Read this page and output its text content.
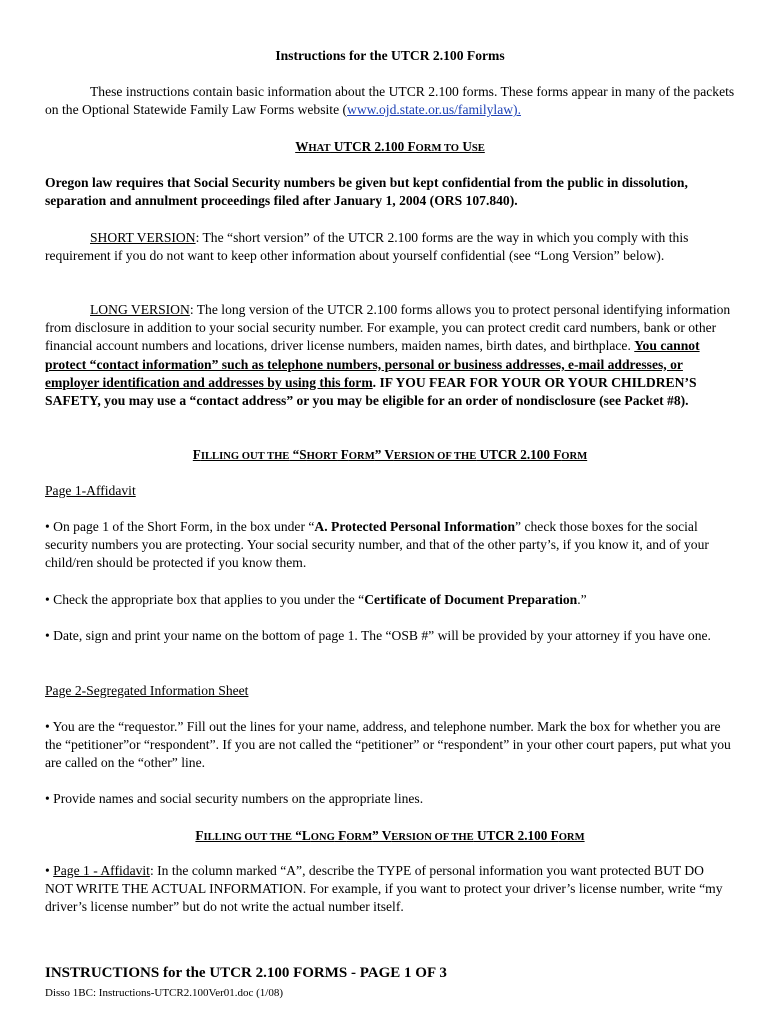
Instructions for the UTCR 2.100 Forms
These instructions contain basic information about the UTCR 2.100 forms. These forms appear in many of the packets on the Optional Statewide Family Law Forms website (www.ojd.state.or.us/familylaw).
WHAT UTCR 2.100 FORM TO USE
Oregon law requires that Social Security numbers be given but kept confidential from the public in dissolution, separation and annulment proceedings filed after January 1, 2004 (ORS 107.840).
SHORT VERSION: The “short version” of the UTCR 2.100 forms are the way in which you comply with this requirement if you do not want to keep other information about yourself confidential (see “Long Version” below).
LONG VERSION: The long version of the UTCR 2.100 forms allows you to protect personal identifying information from disclosure in addition to your social security number. For example, you can protect credit card numbers, bank or other financial account numbers and locations, driver license numbers, maiden names, birth dates, and birthplace. You cannot protect “contact information” such as telephone numbers, personal or business addresses, e-mail addresses, or employer identification and addresses by using this form. IF YOU FEAR FOR YOUR OR YOUR CHILDREN’S SAFETY, you may use a “contact address” or you may be eligible for an order of nondisclosure (see Packet #8).
FILLING OUT THE “SHORT FORM” VERSION OF THE UTCR 2.100 FORM
Page 1-Affidavit
• On page 1 of the Short Form, in the box under “A. Protected Personal Information” check those boxes for the social security numbers you are protecting. Your social security number, and that of the other party’s, if you know it, and of your child/ren should be protected if you know them.
• Check the appropriate box that applies to you under the “Certificate of Document Preparation.”
• Date, sign and print your name on the bottom of page 1. The “OSB #” will be provided by your attorney if you have one.
Page 2-Segregated Information Sheet
• You are the “requestor.” Fill out the lines for your name, address, and telephone number. Mark the box for whether you are the “petitioner”or “respondent”. If you are not called the “petitioner” or “respondent” in your other court papers, put what you are called on the “other” line.
• Provide names and social security numbers on the appropriate lines.
FILLING OUT THE “LONG FORM” VERSION OF THE UTCR 2.100 FORM
• Page 1 - Affidavit: In the column marked “A”, describe the TYPE of personal information you want protected BUT DO NOT WRITE THE ACTUAL INFORMATION. For example, if you want to protect your driver’s license number, write “my driver’s license number” but do not write the actual number itself.
INSTRUCTIONS for the UTCR 2.100 FORMS - PAGE 1 OF 3
Disso 1BC: Instructions-UTCR2.100Ver01.doc (1/08)
